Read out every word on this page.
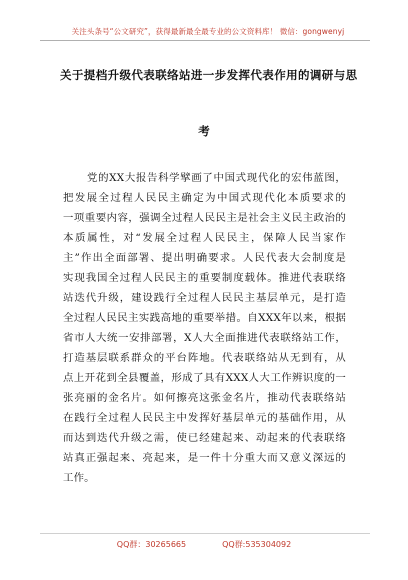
关注头条号“公文研究”，获得最新最全最专业的公文资料库！ 微信：gongwenyj
关于提档升级代表联络站进一步发挥代表作用的调研与思
考
党的XX大报告科学擘画了中国式现代化的宏伟蓝图，
把发展全过程人民民主确定为中国式现代化本质要求的
一项重要内容，强调全过程人民民主是社会主义民主政治的
本质属性，对“发展全过程人民民主，保障人民当家作
主”作出全面部署、提出明确要求。人民代表大会制度是
实现我国全过程人民民主的重要制度载体。推进代表联络
站迭代升级，建设践行全过程人民民主基层单元，是打造
全过程人民民主实践高地的重要举措。自XXX年以来，根据
省市人大统一安排部署，X人大全面推进代表联络站工作，
打造基层联系群众的平台阵地。代表联络站从无到有，从
点上开花到全县覆盖，形成了具有XXX人大工作辨识度的一
张亮丽的金名片。如何擦亮这张金名片，推动代表联络站
在践行全过程人民民主中发挥好基层单元的基础作用，从
而达到迭代升级之需，使已经建起来、动起来的代表联络
站真正强起来、亮起来，是一件十分重大而又意义深远的
工作。
QQ群：30265665	QQ群:535304092
